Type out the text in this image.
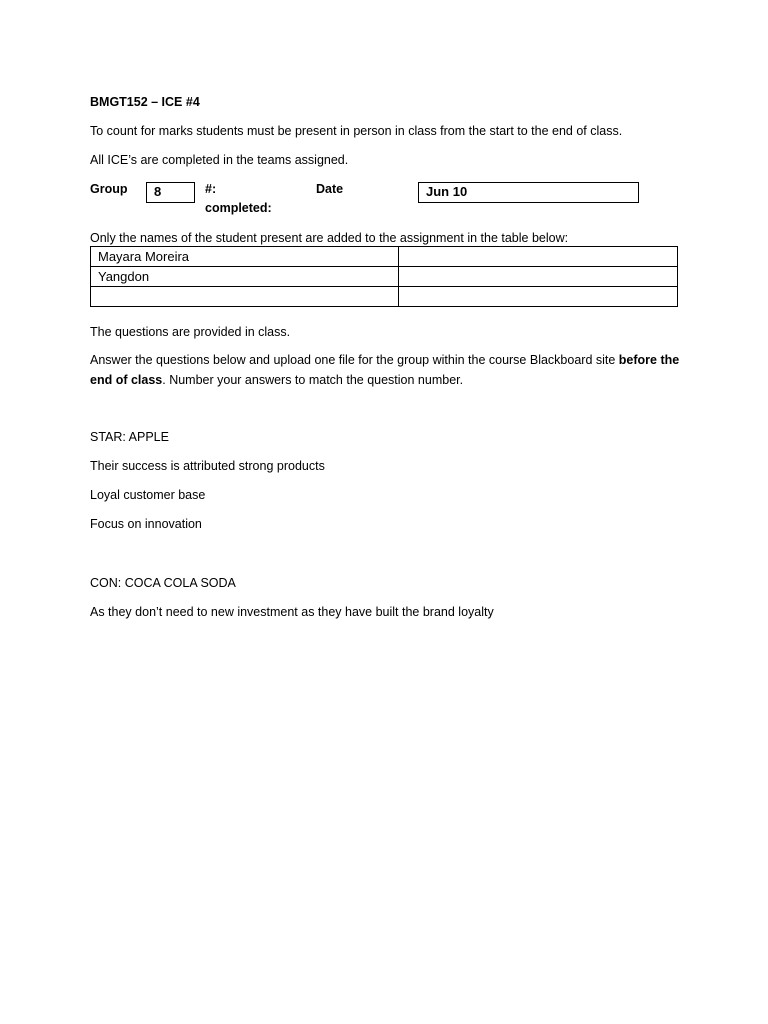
BMGT152 – ICE #4
To count for marks students must be present in person in class from the start to the end of class.
All ICE’s are completed in the teams assigned.
Group	8	#:
completed:
Date	Jun 10
Only the names of the student present are added to the assignment in the table below:
Mayara Moreira	
Yangdon	

The questions are provided in class.
Answer the questions below and upload one file for the group within the course Blackboard site before the end of class. Number your answers to match the question number.
STAR: APPLE
Their success is attributed strong products
Loyal customer base
Focus on innovation
CON: COCA COLA SODA
As they don’t need to new investment as they have built the brand loyalty
